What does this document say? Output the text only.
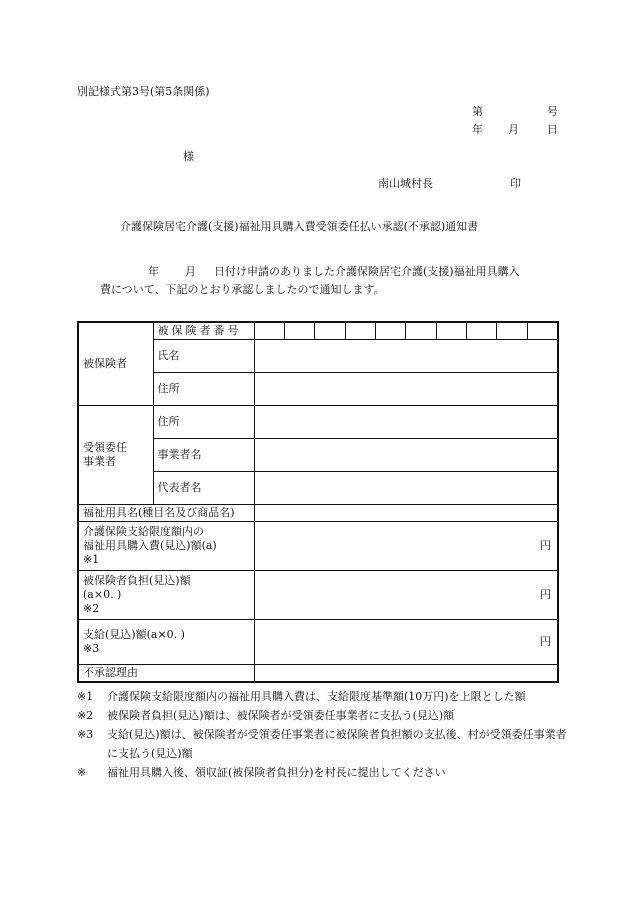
別記様式第3号(第5条関係)
第	号
年 月	日
様
南山城村長	印
介護保険居宅介護(支援)福祉用具購入費受領委任払い承認(不承認)通知書
年 月 日付け申請のありました介護保険居宅介護(支援)福祉用具購入
費について、下記のとおり承認しましたので通知します。
被保険者	被保険者番号	

	氏名	
	住所	
受領委任事業者	住所	
	事業者名	
	代表者名	
福祉用具名(種目名及び商品名)		

介護保険支給限度額内の
福祉用具購入費(見込)額(a)
※1		円

被保険者負担(見込)額
(a×0. )
※2		円

支給(見込)額(a×0. )
※3		円
不承認理由		
※1 介護保険支給限度額内の福祉用具購入費は、支給限度基準額(10万円)を上限とした額
※2 被保険者負担(見込)額は、被保険者が受領委任事業者に支払う(見込)額
※3 支給(見込)額は、被保険者が受領委任事業者に被保険者負担額の支払後、村が受領委任事業者に支払う(見込)額
※ 福祉用具購入後、領収証(被保険者負担分)を村長に提出してください
